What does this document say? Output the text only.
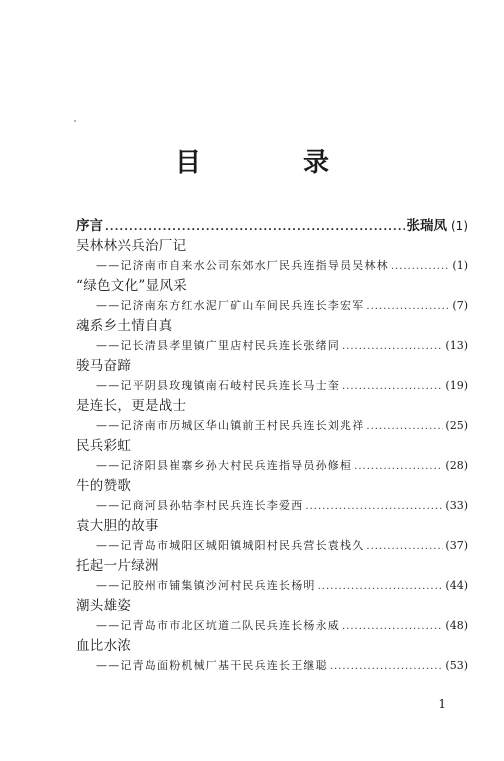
目　录
序言 .....	张瑞凤 (1)
吴林林兴兵治厂记
——记济南市自来水公司东郊水厂民兵连指导员吴林林 .....	(1)
“绿色文化”显风采
——记济南东方红水泥厂矿山车间民兵连长李宏军 .....	(7)
魂系乡土情自真
——记长清县孝里镇广里店村民兵连长张绪同 .....	(13)
骏马奋蹄
——记平阴县玫瑰镇南石岐村民兵连长马士奎 .....	(19)
是连长，更是战士
——记济南市历城区华山镇前王村民兵连长刘兆祥 .....	(25)
民兵彩虹
——记济阳县崔寨乡孙大村民兵连指导员孙修桓 .....	(28)
牛的赞歌
——记商河县孙牯李村民兵连长李爱西 .....	(33)
袁大胆的故事
——记青岛市城阳区城阳镇城阳村民兵营长袁栈久 .....	(37)
托起一片绿洲
——记胶州市铺集镇沙河村民兵连长杨明 .....	(44)
潮头雄姿
——记青岛市市北区坑道二队民兵连长杨永威 .....	(48)
血比水浓
——记青岛面粉机械厂基干民兵连长王继聪 .....	(53)
1
